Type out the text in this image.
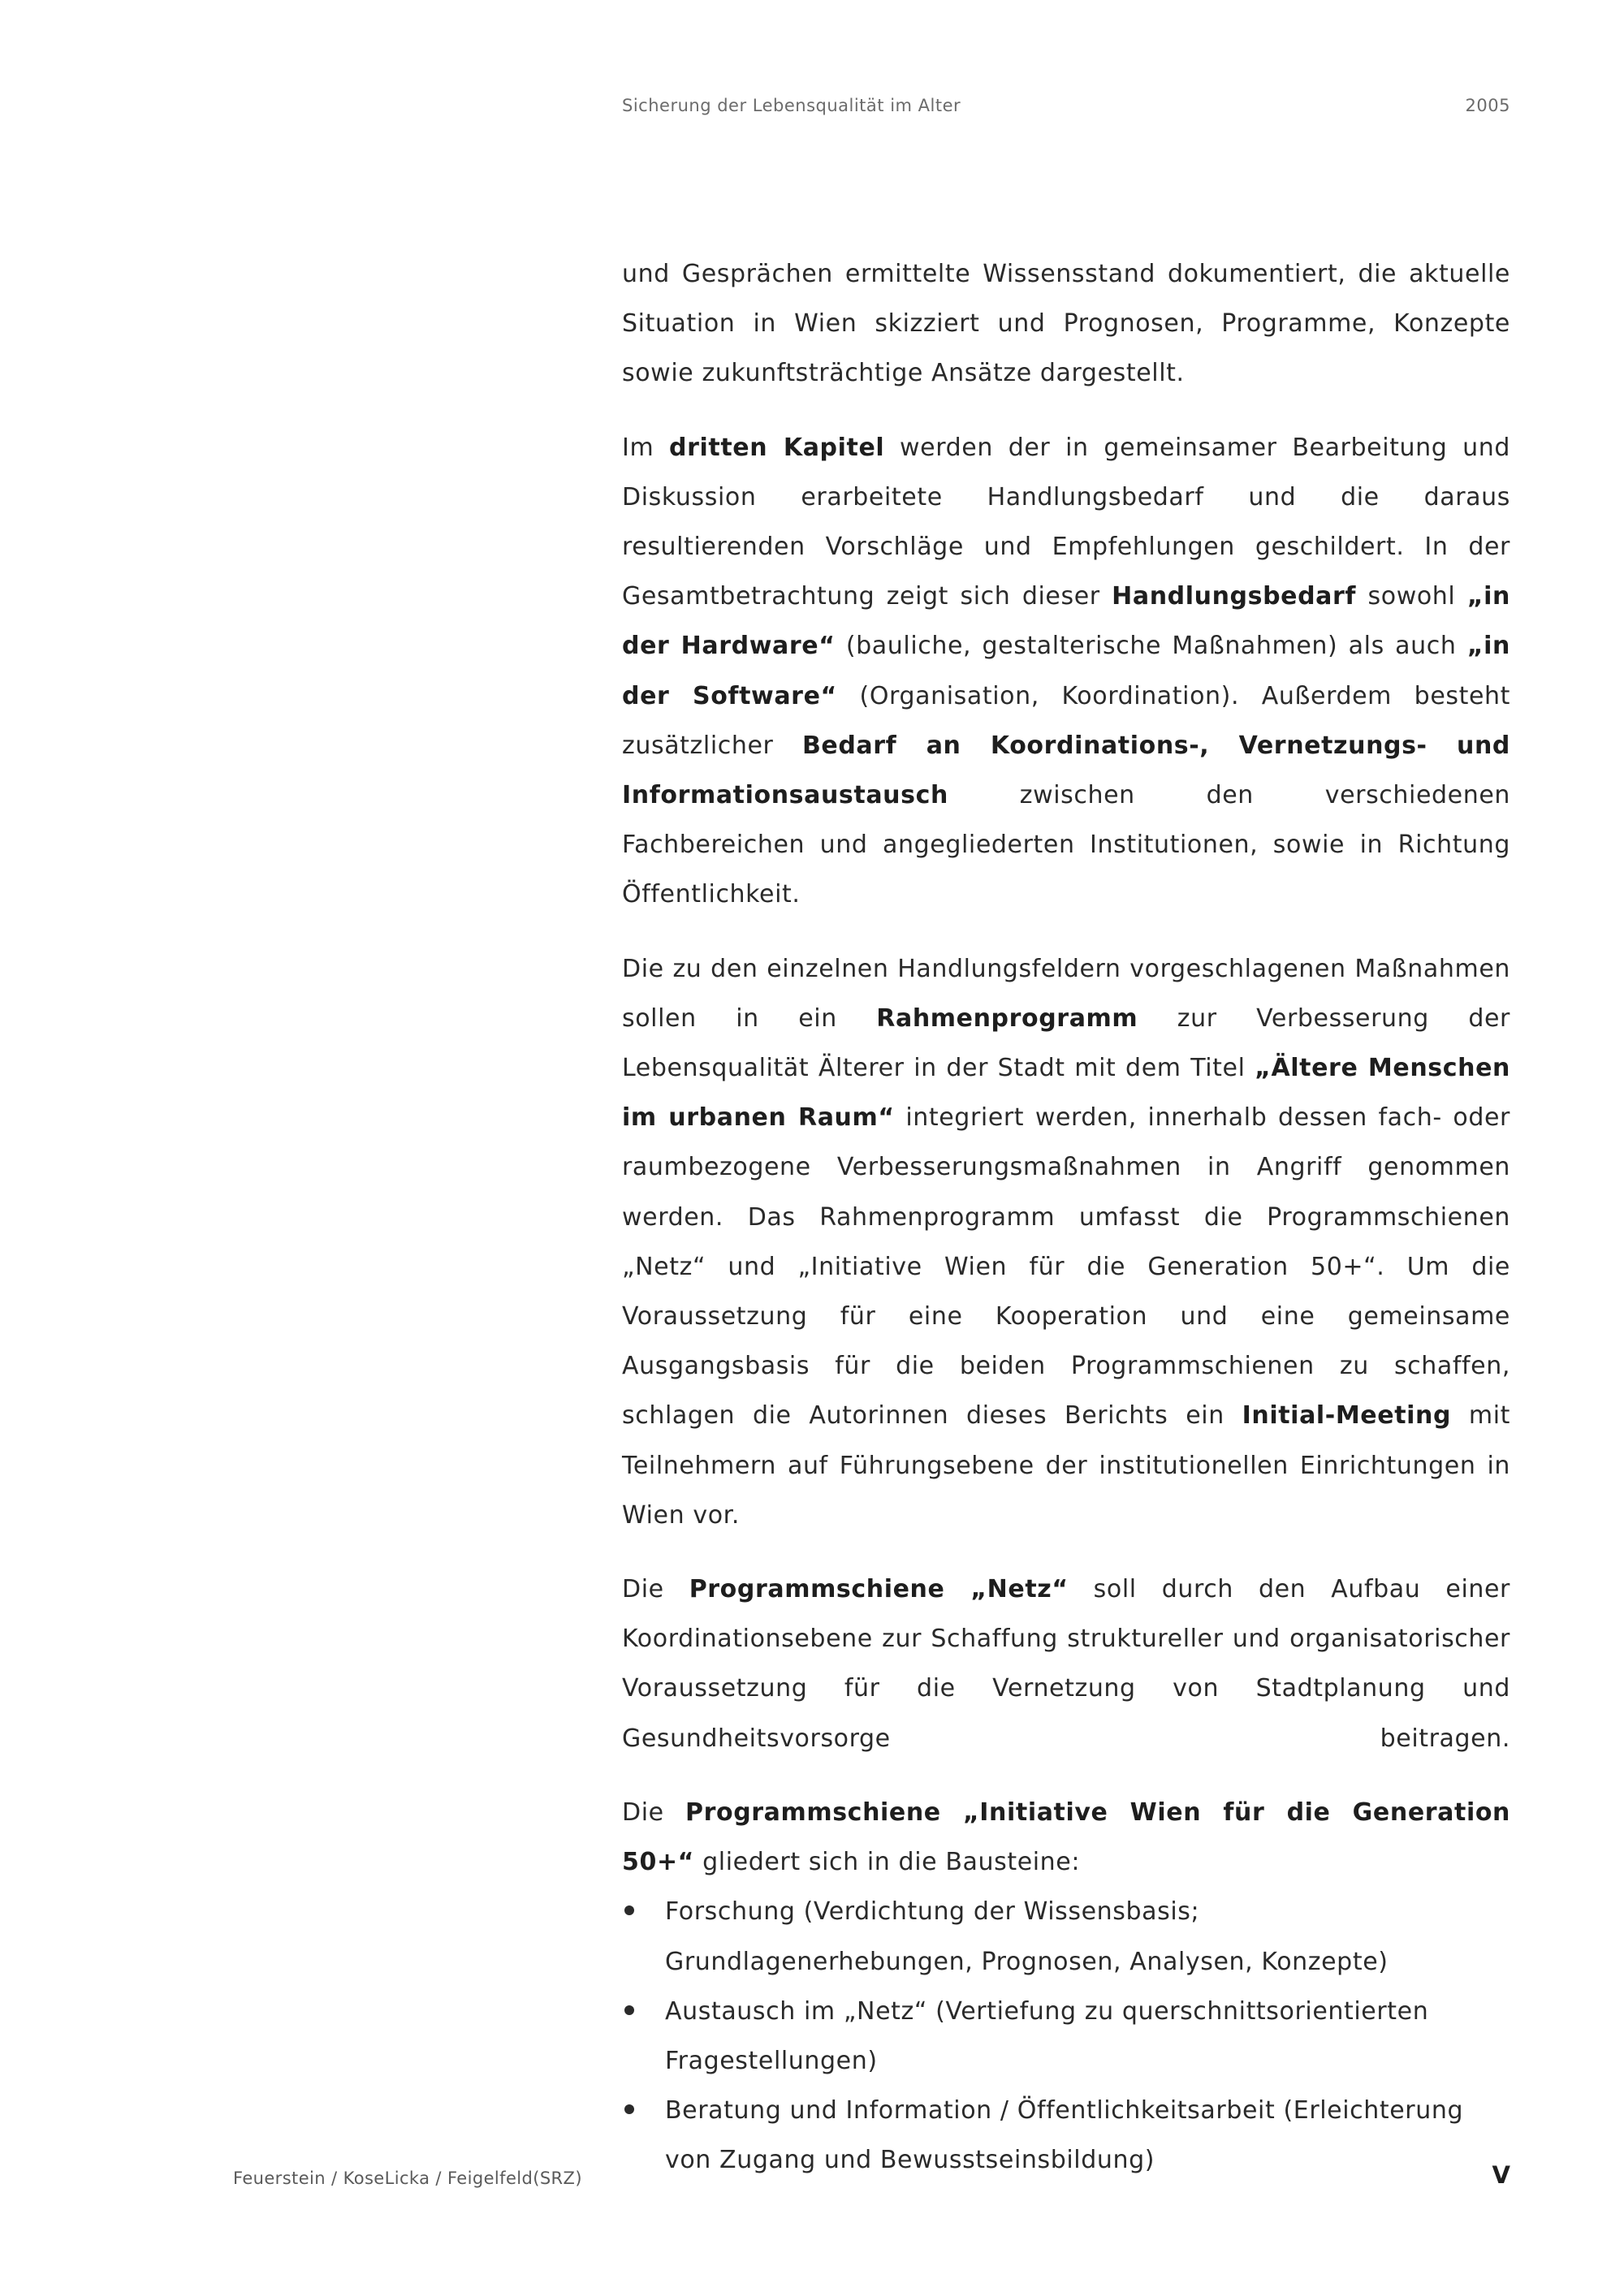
Sicherung der Lebensqualität im Alter	2005

und Gesprächen ermittelte Wissensstand dokumentiert, die aktuelle Situation in Wien skizziert und Prognosen, Programme, Konzepte sowie zukunftsträchtige Ansätze dargestellt.

Im dritten Kapitel werden der in gemeinsamer Bearbeitung und Diskussion erarbeitete Handlungsbedarf und die daraus resultierenden Vorschläge und Empfehlungen geschildert. In der Gesamtbetrachtung zeigt sich dieser Handlungsbedarf sowohl „in der Hardware“ (bauliche, gestalterische Maßnahmen) als auch „in der Software“ (Organisation, Koordination). Außerdem besteht zusätzlicher Bedarf an Koordinations-, Vernetzungs- und Informationsaustausch zwischen den verschiedenen Fachbereichen und angegliederten Institutionen, sowie in Richtung Öffentlichkeit.

Die zu den einzelnen Handlungsfeldern vorgeschlagenen Maßnahmen sollen in ein Rahmenprogramm zur Verbesserung der Lebensqualität Älterer in der Stadt mit dem Titel „Ältere Menschen im urbanen Raum“ integriert werden, innerhalb dessen fach- oder raumbezogene Verbesserungsmaßnahmen in Angriff genommen werden. Das Rahmenprogramm umfasst die Programmschienen „Netz“ und „Initiative Wien für die Generation 50+“. Um die Voraussetzung für eine Kooperation und eine gemeinsame Ausgangsbasis für die beiden Programmschienen zu schaffen, schlagen die Autorinnen dieses Berichts ein Initial-Meeting mit Teilnehmern auf Führungsebene der institutionellen Einrichtungen in Wien vor.

Die Programmschiene „Netz“ soll durch den Aufbau einer Koordinationsebene zur Schaffung struktureller und organisatorischer Voraussetzung für die Vernetzung von Stadtplanung und Gesundheitsvorsorge beitragen.

Die Programmschiene „Initiative Wien für die Generation 50+“ gliedert sich in die Bausteine:

Forschung (Verdichtung der Wissensbasis; Grundlagenerhebungen, Prognosen, Analysen, Konzepte)
Austausch im „Netz“ (Vertiefung zu querschnittsorientierten Fragestellungen)
Beratung und Information / Öffentlichkeitsarbeit (Erleichterung von Zugang und Bewusstseinsbildung)
Feuerstein / KoseLicka / Feigelfeld(SRZ)	V
